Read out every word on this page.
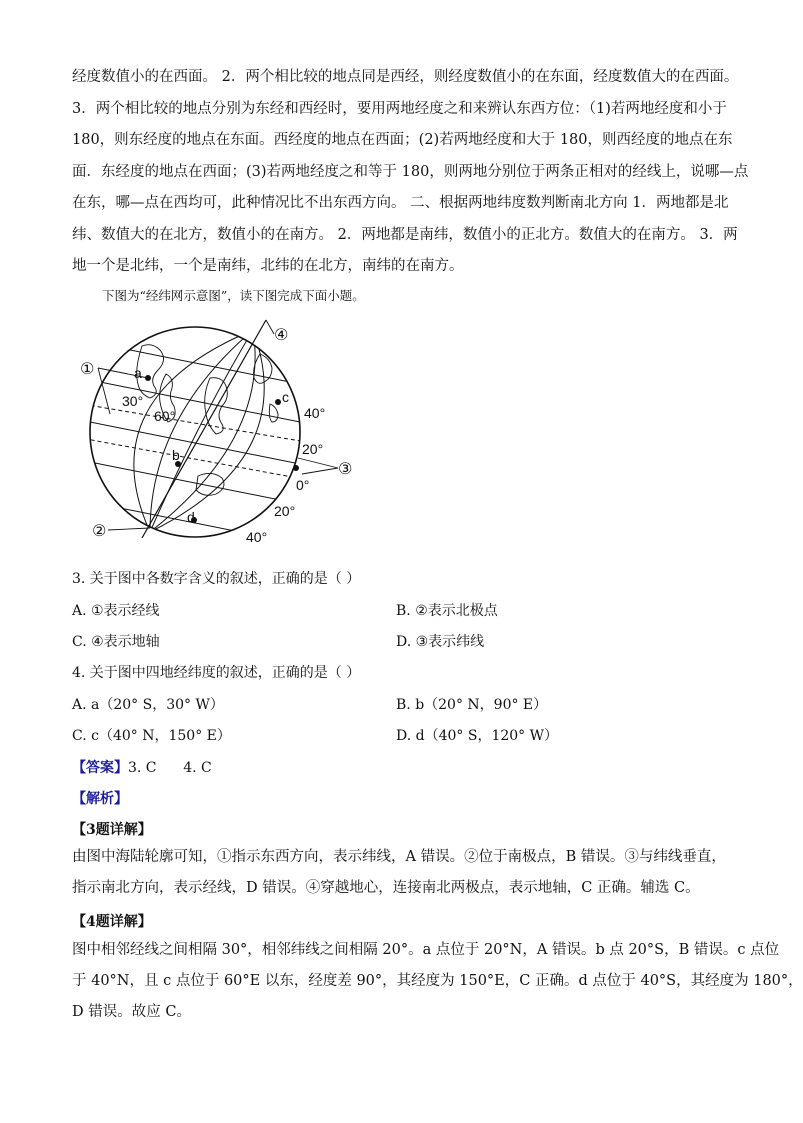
经度数值小的在西面。 2．两个相比较的地点同是西经，则经度数值小的在东面，经度数值大的在西面。
3．两个相比较的地点分别为东经和西经时，要用两地经度之和来辨认东西方位：（1)若两地经度和小于
180，则东经度的地点在东面。西经度的地点在西面；(2)若两地经度和大于 180，则西经度的地点在东
面．东经度的地点在西面；(3)若两地经度之和等于 180，则两地分别位于两条正相对的经线上，说哪—点
在东，哪—点在西均可，此种情况比不出东西方向。 二、根据两地纬度数判断南北方向 1．两地都是北
纬、数值大的在北方，数值小的在南方。 2．两地都是南纬，数值小的正北方。数值大的在南方。 3．两
地一个是北纬，一个是南纬，北纬的在北方，南纬的在南方。
下图为“经纬网示意图”，读下图完成下面小题。
a
b
c
d
30°
60°	40°
20°
0°
20°
40°
①
②
③
④
3. 关于图中各数字含义的叙述，正确的是（ ）
A. ①表示经线	B. ②表示北极点
C. ④表示地轴	D. ③表示纬线
4. 关于图中四地经纬度的叙述，正确的是（ ）
A. a（20° S，30° W）	B. b（20° N，90° E）
C. c（40° N，150° E）	D. d（40° S，120° W）
【答案】3. C      4. C
【解析】
【3题详解】
由图中海陆轮廓可知，①指示东西方向，表示纬线，A 错误。②位于南极点，B 错误。③与纬线垂直，
指示南北方向，表示经线，D 错误。④穿越地心，连接南北两极点，表示地轴，C 正确。辅选 C。
【4题详解】
图中相邻经线之间相隔 30°，相邻纬线之间相隔 20°。a 点位于 20°N，A 错误。b 点 20°S，B 错误。c 点位
于 40°N，且 c 点位于 60°E 以东，经度差 90°，其经度为 150°E，C 正确。d 点位于 40°S，其经度为 180°，
D 错误。故应 C。
